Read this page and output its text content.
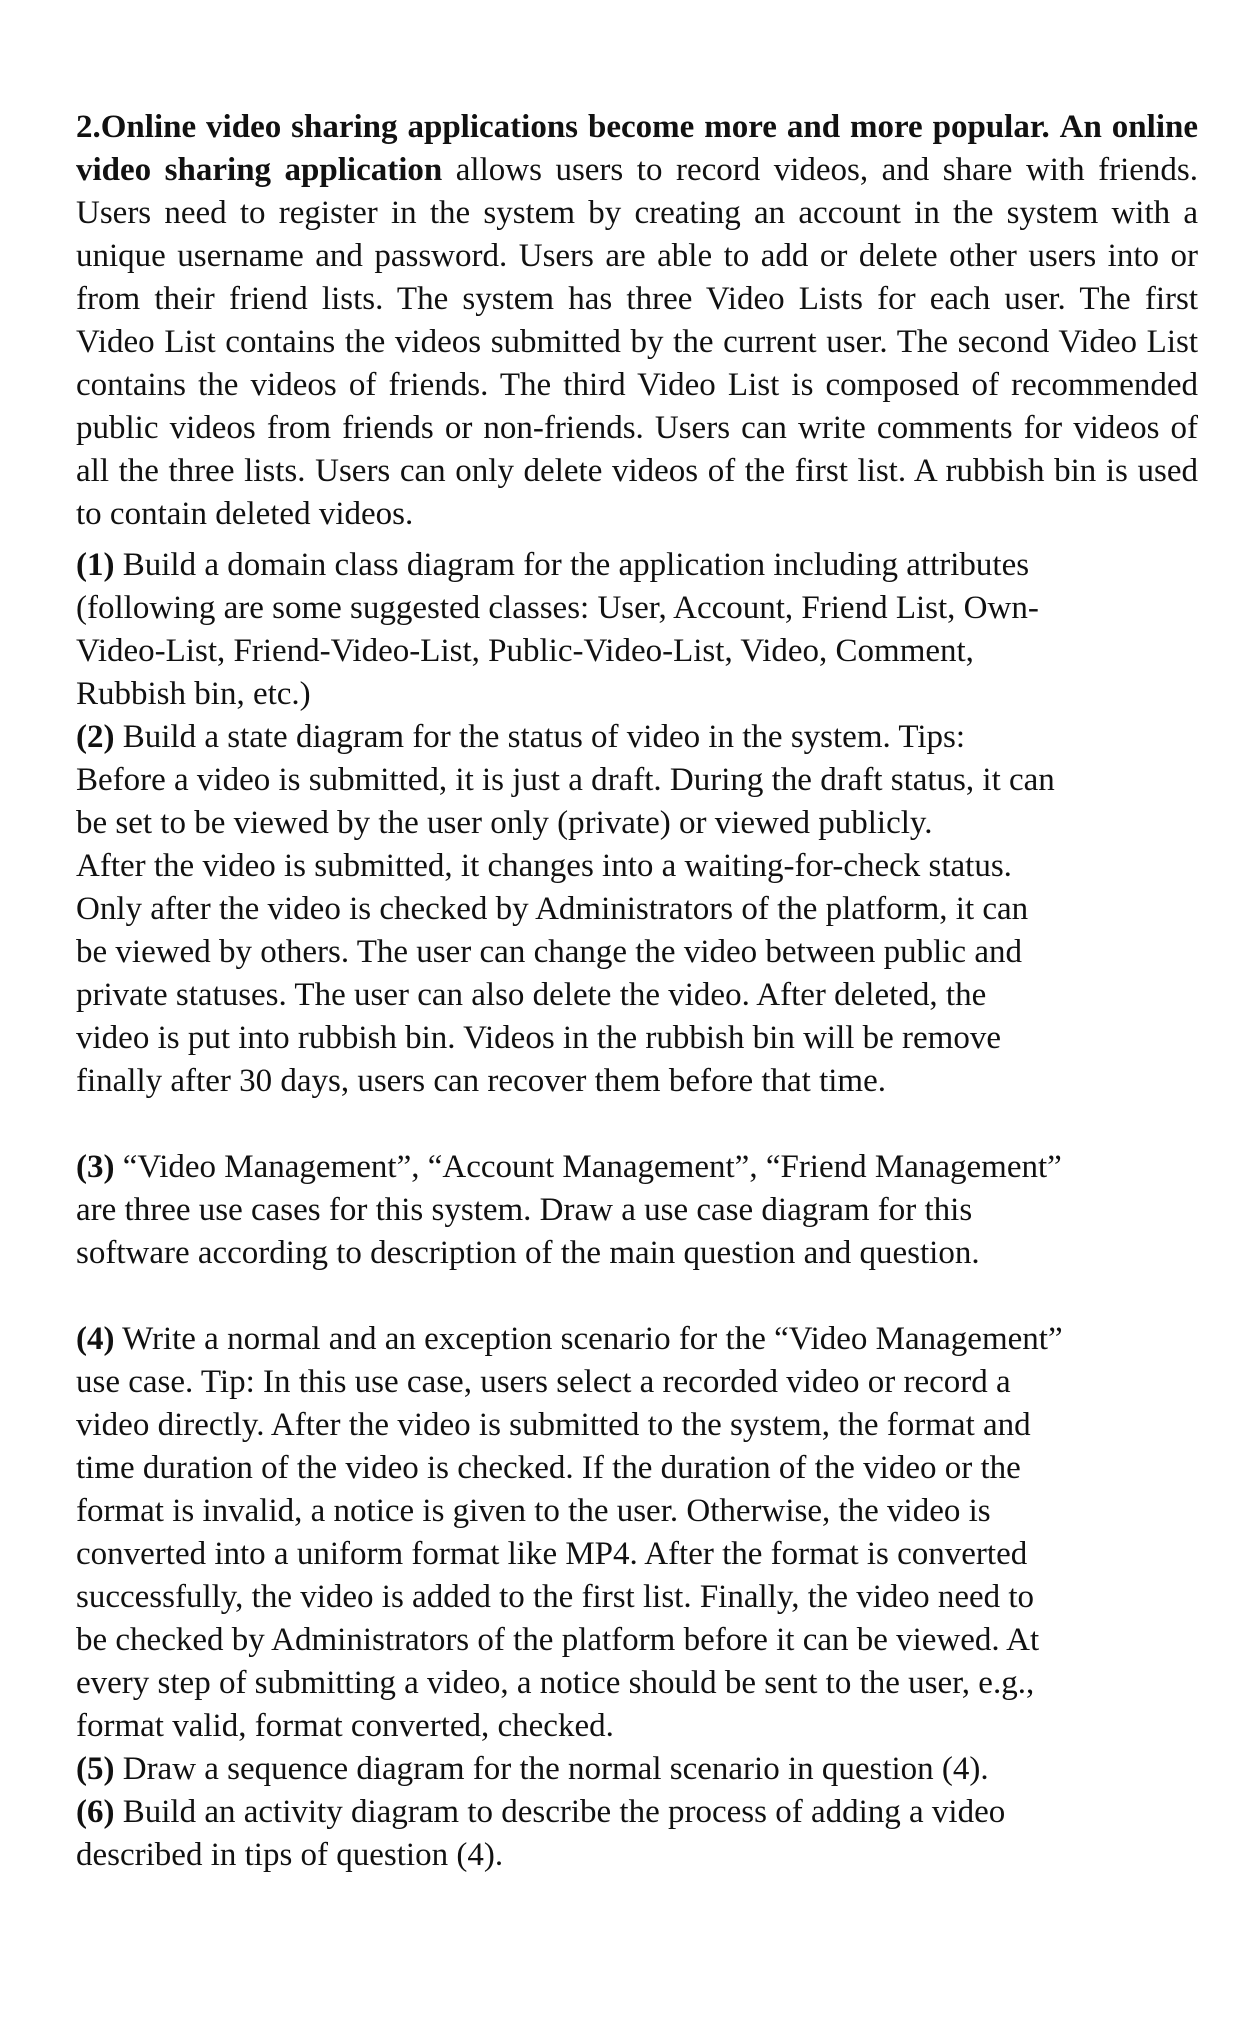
2.Online video sharing applications become more and more popular. An online video sharing application allows users to record videos, and share with friends. Users need to register in the system by creating an account in the system with a unique username and password. Users are able to add or delete other users into or from their friend lists. The system has three Video Lists for each user. The first Video List contains the videos submitted by the current user. The second Video List contains the videos of friends. The third Video List is composed of recommended public videos from friends or non-friends. Users can write comments for videos of all the three lists. Users can only delete videos of the first list. A rubbish bin is used to contain deleted videos.

(1) Build a domain class diagram for the application including attributes
(following are some suggested classes: User, Account, Friend List, Own-
Video-List, Friend-Video-List, Public-Video-List, Video, Comment,
Rubbish bin, etc.)

(2) Build a state diagram for the status of video in the system. Tips:
Before a video is submitted, it is just a draft. During the draft status, it can
be set to be viewed by the user only (private) or viewed publicly.
After the video is submitted, it changes into a waiting-for-check status.
Only after the video is checked by Administrators of the platform, it can
be viewed by others. The user can change the video between public and
private statuses. The user can also delete the video. After deleted, the
video is put into rubbish bin. Videos in the rubbish bin will be remove
finally after 30 days, users can recover them before that time.

(3) “Video Management”, “Account Management”, “Friend Management”
are three use cases for this system. Draw a use case diagram for this
software according to description of the main question and question.

(4) Write a normal and an exception scenario for the “Video Management”
use case. Tip: In this use case, users select a recorded video or record a
video directly. After the video is submitted to the system, the format and
time duration of the video is checked. If the duration of the video or the
format is invalid, a notice is given to the user. Otherwise, the video is
converted into a uniform format like MP4. After the format is converted
successfully, the video is added to the first list. Finally, the video need to
be checked by Administrators of the platform before it can be viewed. At
every step of submitting a video, a notice should be sent to the user, e.g.,
format valid, format converted, checked.

(5) Draw a sequence diagram for the normal scenario in question (4).

(6) Build an activity diagram to describe the process of adding a video
described in tips of question (4).
